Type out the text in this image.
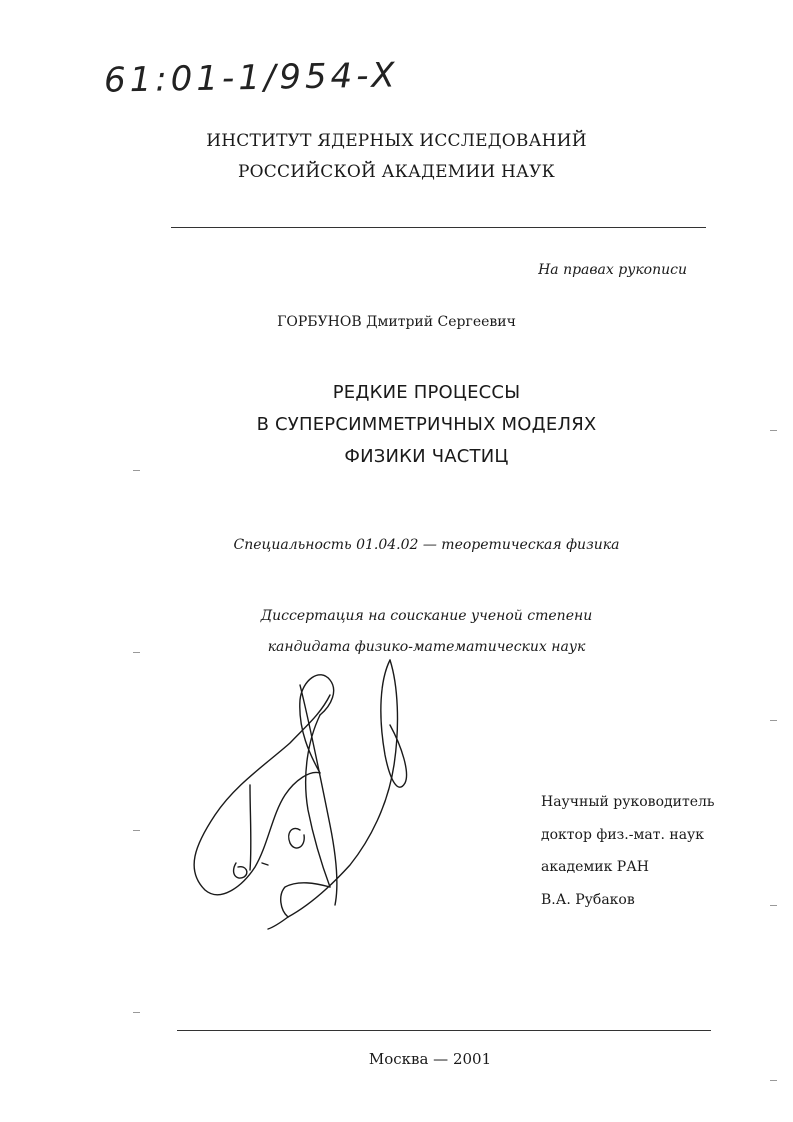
61:01-1/954-X
ИНСТИТУТ ЯДЕРНЫХ ИССЛЕДОВАНИЙ
РОССИЙСКОЙ АКАДЕМИИ НАУК
На правах рукописи
ГОРБУНОВ Дмитрий Сергеевич
РЕДКИЕ ПРОЦЕССЫ
В СУПЕРСИММЕТРИЧНЫХ МОДЕЛЯХ
ФИЗИКИ ЧАСТИЦ
Специальность 01.04.02 — теоретическая физика
Диссертация на соискание ученой степени
кандидата физико-математических наук
Научный руководитель
доктор физ.-мат. наук
академик РАН
В.А. Рубаков
Москва — 2001
